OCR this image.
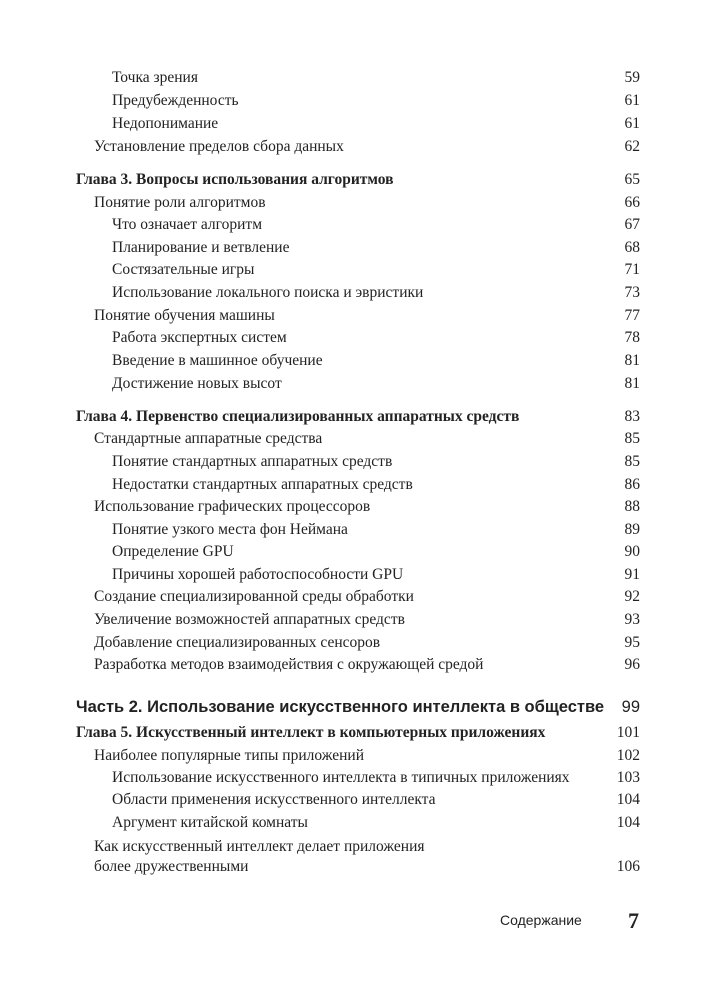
Точка зрения	59
Предубежденность	61
Недопонимание	61
Установление пределов сбора данных	62
Глава 3. Вопросы использования алгоритмов	65
Понятие роли алгоритмов	66
Что означает алгоритм	67
Планирование и ветвление	68
Состязательные игры	71
Использование локального поиска и эвристики	73
Понятие обучения машины	77
Работа экспертных систем	78
Введение в машинное обучение	81
Достижение новых высот	81
Глава 4. Первенство специализированных аппаратных средств	83
Стандартные аппаратные средства	85
Понятие стандартных аппаратных средств	85
Недостатки стандартных аппаратных средств	86
Использование графических процессоров	88
Понятие узкого места фон Неймана	89
Определение GPU	90
Причины хорошей работоспособности GPU	91
Создание специализированной среды обработки	92
Увеличение возможностей аппаратных средств	93
Добавление специализированных сенсоров	95
Разработка методов взаимодействия с окружающей средой	96
Часть 2. Использование искусственного интеллекта в обществе	99
Глава 5. Искусственный интеллект в компьютерных приложениях	101
Наиболее популярные типы приложений	102
Использование искусственного интеллекта в типичных приложениях	103
Области применения искусственного интеллекта	104
Аргумент китайской комнаты	104
Как искусственный интеллект делает приложения
более дружественными	106
Содержание 7
